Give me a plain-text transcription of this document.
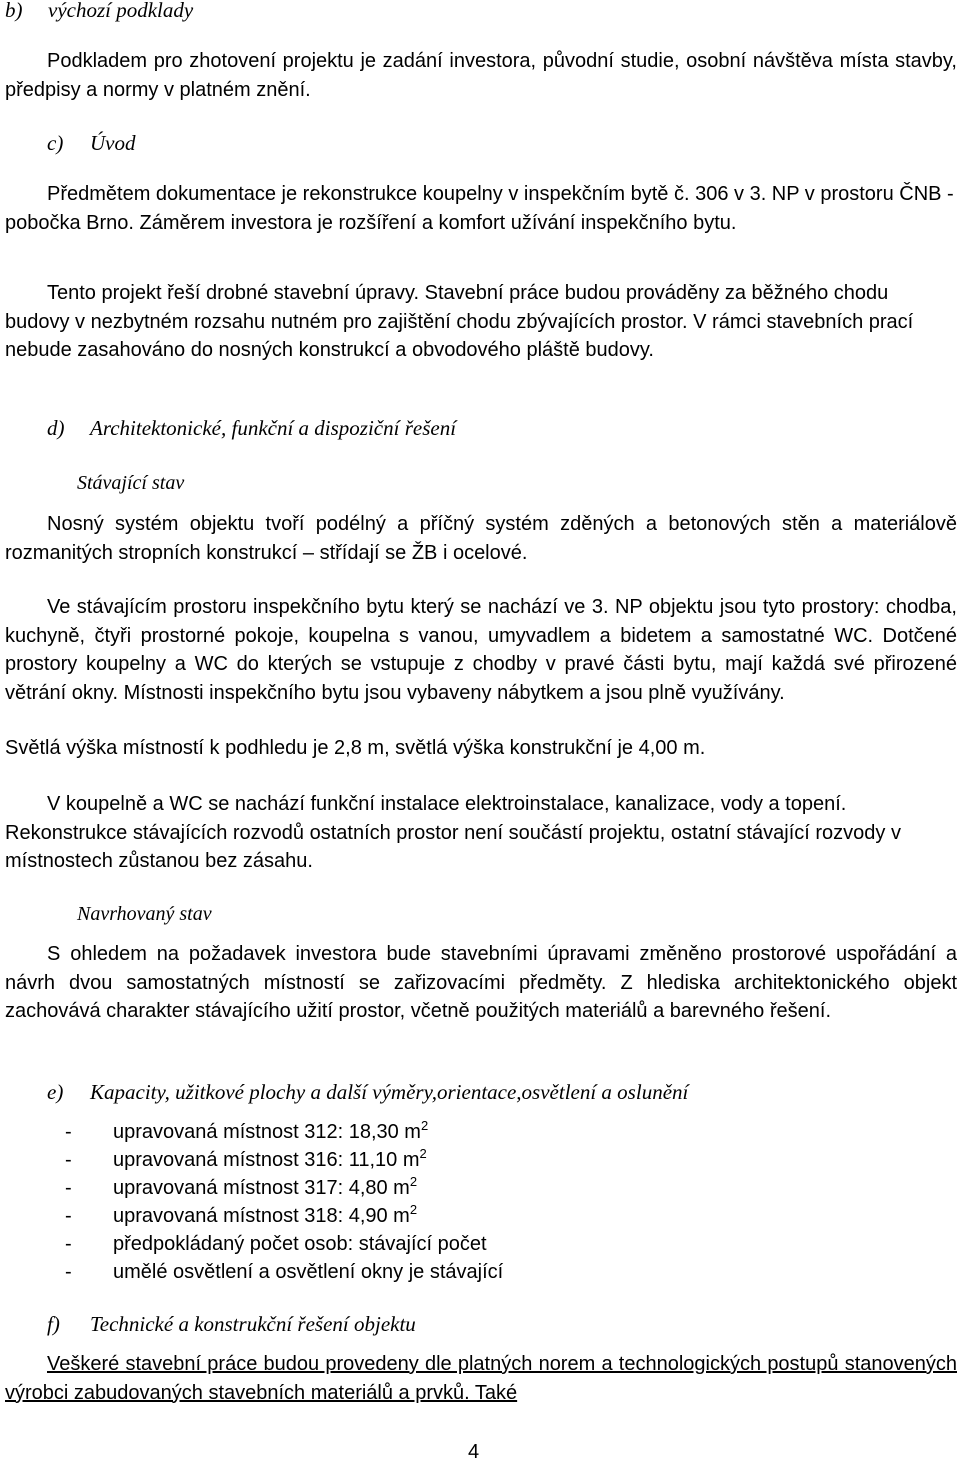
b) výchozí podklady

Podkladem pro zhotovení projektu je zadání investora, původní studie, osobní návštěva místa stavby, předpisy a normy v platném znění.

c) Úvod

Předmětem dokumentace je rekonstrukce koupelny v inspekčním bytě č. 306 v 3. NP v prostoru ČNB - pobočka Brno. Záměrem investora je rozšíření a komfort užívání inspekčního bytu.

Tento projekt řeší drobné stavební úpravy. Stavební práce budou prováděny za běžného chodu budovy v nezbytném rozsahu nutném pro zajištění chodu zbývajících prostor. V rámci stavebních prací nebude zasahováno do nosných konstrukcí a obvodového pláště budovy.

d) Architektonické, funkční a dispoziční řešení
Stávající stav

Nosný systém objektu tvoří podélný a příčný systém zděných a betonových stěn a materiálově rozmanitých stropních konstrukcí – střídají se ŽB i ocelové.

Ve stávajícím prostoru inspekčního bytu který se nachází ve 3. NP objektu jsou tyto prostory: chodba, kuchyně, čtyři prostorné pokoje, koupelna s vanou, umyvadlem a bidetem a samostatné WC. Dotčené prostory koupelny a WC do kterých se vstupuje z chodby v pravé části bytu, mají každá své přirozené větrání okny. Místnosti inspekčního bytu jsou vybaveny nábytkem a jsou plně využívány.

Světlá výška místností k podhledu je 2,8 m, světlá výška konstrukční je 4,00 m.

V koupelně a WC se nachází funkční instalace elektroinstalace, kanalizace, vody a topení. Rekonstrukce stávajících rozvodů ostatních prostor není součástí projektu, ostatní stávající rozvody v místnostech zůstanou bez zásahu.

Navrhovaný stav

S ohledem na požadavek investora bude stavebními úpravami změněno prostorové uspořádání a návrh dvou samostatných místností se zařizovacími předměty. Z hlediska architektonického objekt zachovává charakter stávajícího užití prostor, včetně použitých materiálů a barevného řešení.

e) Kapacity, užitkové plochy a další výměry,orientace,osvětlení a oslunění
- upravovaná místnost 312: 18,30 $m^2$
- upravovaná místnost 316: 11,10 $m^2$
- upravovaná místnost 317: 4,80 $m^2$
- upravovaná místnost 318: 4,90 $m^2$
- předpokládaný počet osob: stávající počet
- umělé osvětlení a osvětlení okny je stávající
f) Technické a konstrukční řešení objektu

Veškeré stavební práce budou provedeny dle platných norem a technologických postupů stanovených výrobci zabudovaných stavebních materiálů a prvků. Také

4
